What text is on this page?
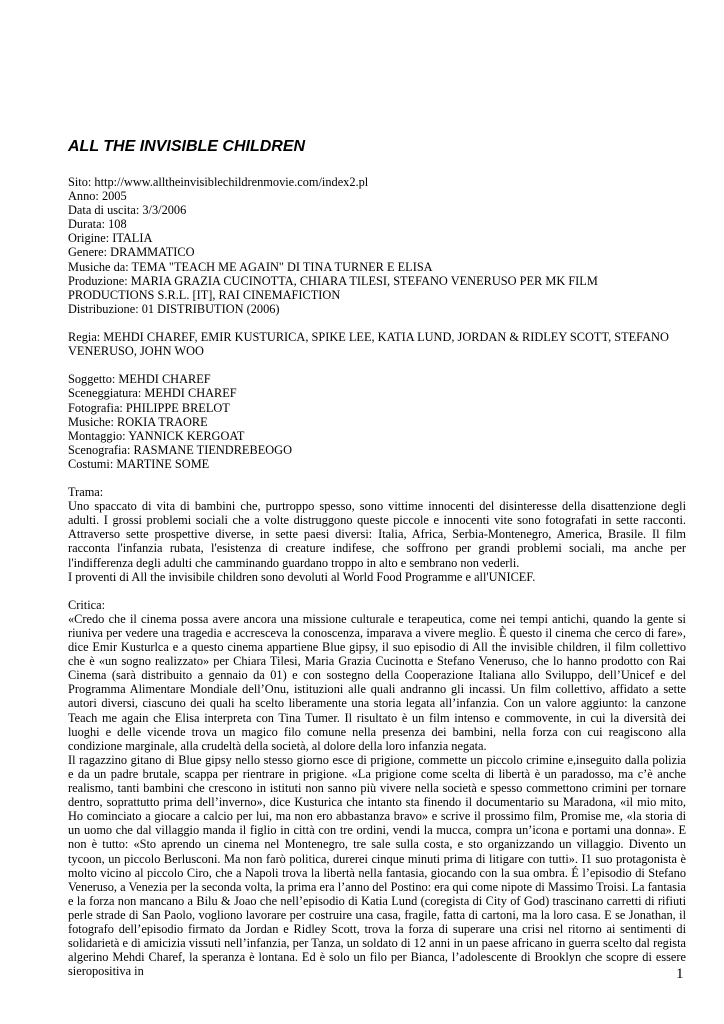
ALL THE INVISIBLE CHILDREN

Sito: http://www.alltheinvisiblechildrenmovie.com/index2.pl

Anno: 2005

Data di uscita: 3/3/2006

Durata: 108

Origine: ITALIA

Genere: DRAMMATICO

Musiche da: TEMA "TEACH ME AGAIN" DI TINA TURNER E ELISA

Produzione: MARIA GRAZIA CUCINOTTA, CHIARA TILESI, STEFANO VENERUSO PER MK FILM PRODUCTIONS S.R.L. [IT], RAI CINEMAFICTION

Distribuzione: 01 DISTRIBUTION (2006)

Regia: MEHDI CHAREF, EMIR KUSTURICA, SPIKE LEE, KATIA LUND, JORDAN & RIDLEY SCOTT, STEFANO VENERUSO, JOHN WOO

Soggetto: MEHDI CHAREF

Sceneggiatura: MEHDI CHAREF

Fotografia: PHILIPPE BRELOT

Musiche: ROKIA TRAORE

Montaggio: YANNICK KERGOAT

Scenografia: RASMANE TIENDREBEOGO

Costumi: MARTINE SOME

Trama:

Uno spaccato di vita di bambini che, purtroppo spesso, sono vittime innocenti del disinteresse della disattenzione degli adulti. I grossi problemi sociali che a volte distruggono queste piccole e innocenti vite sono fotografati in sette racconti. Attraverso sette prospettive diverse, in sette paesi diversi: Italia, Africa, Serbia-Montenegro, America, Brasile. Il film racconta l'infanzia rubata, l'esistenza di creature indifese, che soffrono per grandi problemi sociali, ma anche per l'indifferenza degli adulti che camminando guardano troppo in alto e sembrano non vederli.

I proventi di All the invisibile children sono devoluti al World Food Programme e all'UNICEF.

Critica:

«Credo che il cinema possa avere ancora una missione culturale e terapeutica, come nei tempi antichi, quando la gente si riuniva per vedere una tragedia e accresceva la conoscenza, imparava a vivere meglio. È questo il cinema che cerco di fare», dice Emir Kusturlca e a questo cinema appartiene Blue gipsy, il suo episodio di All the invisible children, il film collettivo che è «un sogno realizzato» per Chiara Tilesi, Maria Grazia Cucinotta e Stefano Veneruso, che lo hanno prodotto con Rai Cinema (sarà distribuito a gennaio da 01) e con sostegno della Cooperazione Italiana allo Sviluppo, dell’Unicef e del Programma Alimentare Mondiale dell’Onu, istituzioni alle quali andranno gli incassi. Un film collettivo, affidato a sette autori diversi, ciascuno dei quali ha scelto liberamente una storia legata all’infanzia. Con un valore aggiunto: la canzone Teach me again che Elisa interpreta con Tina Tumer. Il risultato è un film intenso e commovente, in cui la diversità dei luoghi e delle vicende trova un magico filo comune nella presenza dei bambini, nella forza con cui reagiscono alla condizione marginale, alla crudeltà della società, al dolore della loro infanzia negata.

Il ragazzino gitano di Blue gipsy nello stesso giorno esce di prigione, commette un piccolo crimine e,inseguito dalla polizia e da un padre brutale, scappa per rientrare in prigione. «La prigione come scelta di libertà è un paradosso, ma c’è anche realismo, tanti bambini che crescono in istituti non sanno più vivere nella società e spesso commettono crimini per tornare dentro, soprattutto prima dell’inverno», dice Kusturica che intanto sta finendo il documentario su Maradona, «il mio mito, Ho cominciato a giocare a calcio per lui, ma non ero abbastanza bravo» e scrive il prossimo film, Promise me, «la storia di un uomo che dal villaggio manda il figlio in città con tre ordini, vendi la mucca, compra un’icona e portami una donna». E non è tutto: «Sto aprendo un cinema nel Montenegro, tre sale sulla costa, e sto organizzando un villaggio. Divento un tycoon, un piccolo Berlusconi. Ma non farò politica, durerei cinque minuti prima di litigare con tutti». I1 suo protagonista è molto vicino al piccolo Ciro, che a Napoli trova la libertà nella fantasia, giocando con la sua ombra. É l’episodio di Stefano Veneruso, a Venezia per la seconda volta, la prima era l’anno del Postino: era qui come nipote di Massimo Troisi. La fantasia e la forza non mancano a Bilu & Joao che nell’episodio di Katia Lund (coregista di City of God) trascinano carretti di rifiuti perle strade di San Paolo, vogliono lavorare per costruire una casa, fragile, fatta di cartoni, ma la loro casa. E se Jonathan, il fotografo dell’episodio firmato da Jordan e Ridley Scott, trova la forza di superare una crisi nel ritorno ai sentimenti di solidarietà e di amicizia vissuti nell’infanzia, per Tanza, un soldato di 12 anni in un paese africano in guerra scelto dal regista algerino Mehdi Charef, la speranza è lontana. Ed è solo un filo per Bianca, l’adolescente di Brooklyn che scopre di essere sieropositiva in	1
